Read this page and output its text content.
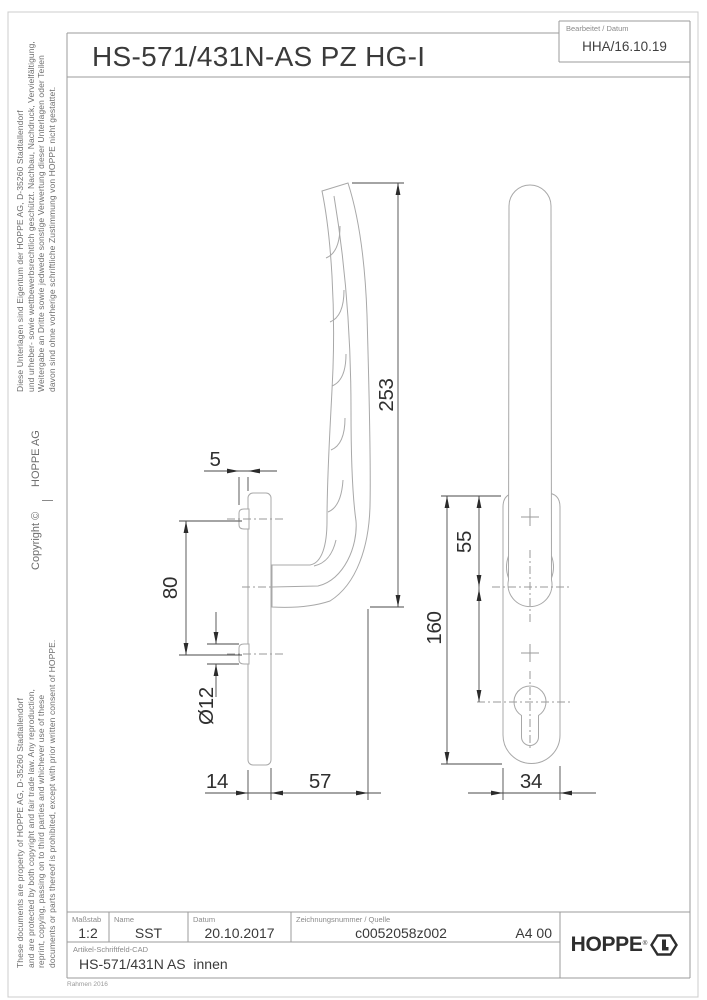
5
80
Ø12
253
14	57
55
160
34
HS-571/431N-AS PZ HG-I
Bearbeitet / Datum
HHA/16.10.19
Diese Unterlagen sind Eigentum der HOPPE AG, D-35260 Stadtallendorf und urheber- sowie wettbewerbsrechtlich geschützt. Nachbau, Nachdruck, Vervielfältigung, Weitergabe an Dritte sowie jedwede sonstige Verwertung dieser Unterlagen oder Teilen davon sind ohne vorherige schriftliche Zustimmung von HOPPE nicht gestattet.
Copyright ©
HOPPE AG
These documents are property of HOPPE AG, D-35260 Stadtallendorf and are protected by both copyright and fair trade law. Any reproduction, reprint, copying, passing on to third parties and whichever use of these documents or parts thereof is prohibited, except with prior written consent of HOPPE. Maßstab
1:2
Name
SST
Datum
20.10.2017
Zeichnungsnummer / Quelle
c0052058z002	A4 00
Artikel-Schriftfeld-CAD
HS-571/431N AS  innen
HOPPE ®
Rahmen 2016
